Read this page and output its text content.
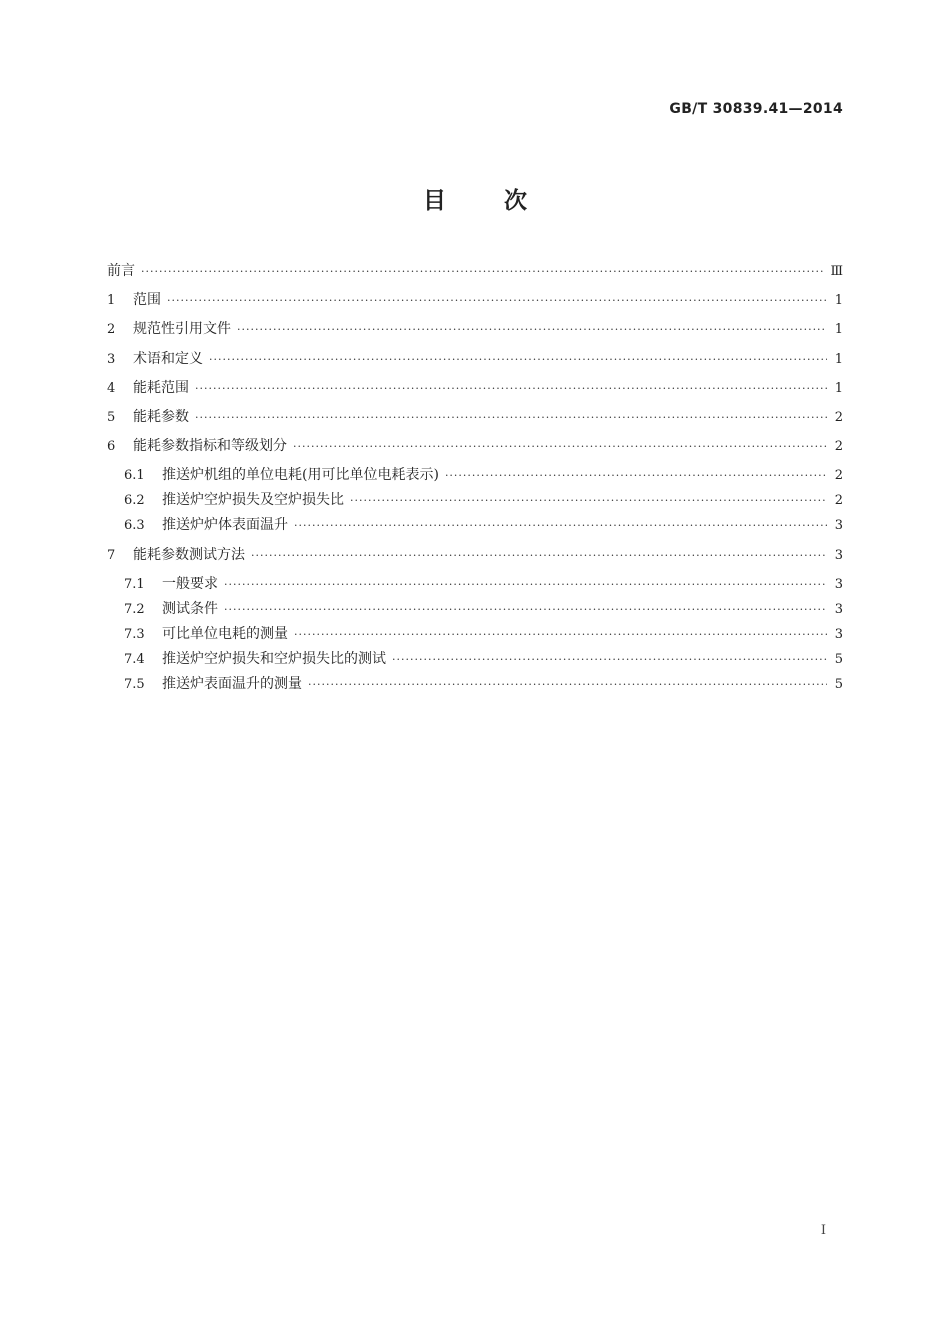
GB/T 30839.41—2014
目	次
前言 ·····	Ⅲ
1	范围 ·····	1
2	规范性引用文件 ·····	1
3	术语和定义 ·····	1
4	能耗范围 ·····	1
5	能耗参数 ·····	2
6	能耗参数指标和等级划分 ·····	2
6.1	推送炉机组的单位电耗(用可比单位电耗表示) ·····	2
6.2	推送炉空炉损失及空炉损失比 ·····	2
6.3	推送炉炉体表面温升 ·····	3
7	能耗参数测试方法 ·····	3
7.1	一般要求 ·····	3
7.2	测试条件 ·····	3
7.3	可比单位电耗的测量 ·····	3
7.4	推送炉空炉损失和空炉损失比的测试 ·····	5
7.5	推送炉表面温升的测量 ·····	5
I
